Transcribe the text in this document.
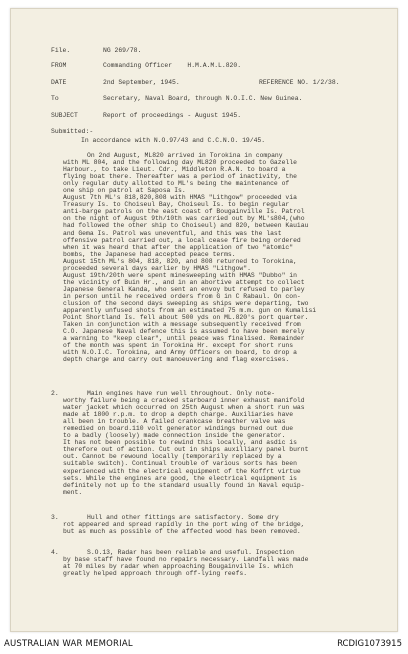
File.	NG 269/78.
FROM	Commanding Officer    H.M.A.M.L.820.
DATE	2nd September, 1945.	REFERENCE NO. 1/2/38.
To	Secretary, Naval Board, through N.O.I.C. New Guinea.
SUBJECT	Report of proceedings - August 1945.
Submitted:-
In accordance with N.O.97/43 and C.C.N.O. 19/45.
On 2nd August, ML820 arrived in Torokina in company
with ML 804, and the following day ML820 proceeded to Gazelle
Harbour., to take Lieut. Cdr., Middleton R.A.N. to board a
flying boat there. Thereafter was a period of inactivity, the
only regular duty allotted to ML's being the maintenance of
one ship on patrol at Saposa Is.
August 7th ML's 818,820,808 with HMAS "Lithgow" proceeded via
Treasury Is. to Choiseul Bay, Choiseul Is. to begin regular
anti-barge patrols on the east coast of Bougainville Is. Patrol
on the night of August 9th/10th was carried out by ML's804,(who
had followed the other ship to Choiseul) and 820, between Kauiau
and Gema Is. Patrol was uneventful, and this was the last
offensive patrol carried out, a local cease fire being ordered
when it was heard that after the application of two "atomic"
bombs, the Japanese had accepted peace terms.
August 15th ML's 804, 818, 820, and 808 returned to Torokina,
proceeded several days earlier by HMAS "Lithgow".
August 19th/20th were spent minesweeping with HMAS "Dubbo" in
the vicinity of Buin Hr., and in an abortive attempt to collect
Japanese General Kanda, who sent an envoy but refused to parley
in person until he received orders from G in C Rabaul. On con-
clusion of the second days sweeping as ships were departing, two
apparently unfused shots from an estimated 75 m.m. gun on Kumalisi
Point Shortland Is. fell about 500 yds on ML.820's port quarter.
Taken in conjunction with a message subsequently received from
C.O. Japanese Naval defence this is assumed to have been merely
a warning to "keep clear", until peace was finalised. Remainder
of the month was spent in Torokina Hr. except for short runs
with N.O.I.C. Torokina, and Army Officers on board, to drop a
depth charge and carry out manoeuvering and flag exercises.
2.	Main engines have run well throughout. Only note-
worthy failure being a cracked starboard inner exhaust manifold
water jacket which occurred on 25th August when a short run was
made at 1800 r.p.m. to drop a depth charge. Auxiliaries have
all been in trouble. A failed crankcase breather valve was
remedied on board.110 volt generator windings burned out due
to a badly (loosely) made connection inside the generator.
It has not been possible to rewind this locally, and asdic is
therefore out of action. Cut out in ships auxilliary panel burnt
out. Cannot be rewound locally (temporarily replaced by a
suitable switch). Continual trouble of various sorts has been
experienced with the electrical equipment of the Koffrt virtue
sets. While the engines are good, the electrical equipment is
definitely not up to the standard usually found in Naval equip-
ment.
3.	Hull and other fittings are satisfactory. Some dry
rot appeared and spread rapidly in the port wing of the bridge,
but as much as possible of the affected wood has been removed.
4.	S.O.13, Radar has been reliable and useful. Inspection
by base staff have found no repairs necessary. Landfall was made
at 70 miles by radar when approaching Bougainville Is. which
greatly helped approach through off-lying reefs.
AUSTRALIAN WAR MEMORIAL	RCDIG1073915
